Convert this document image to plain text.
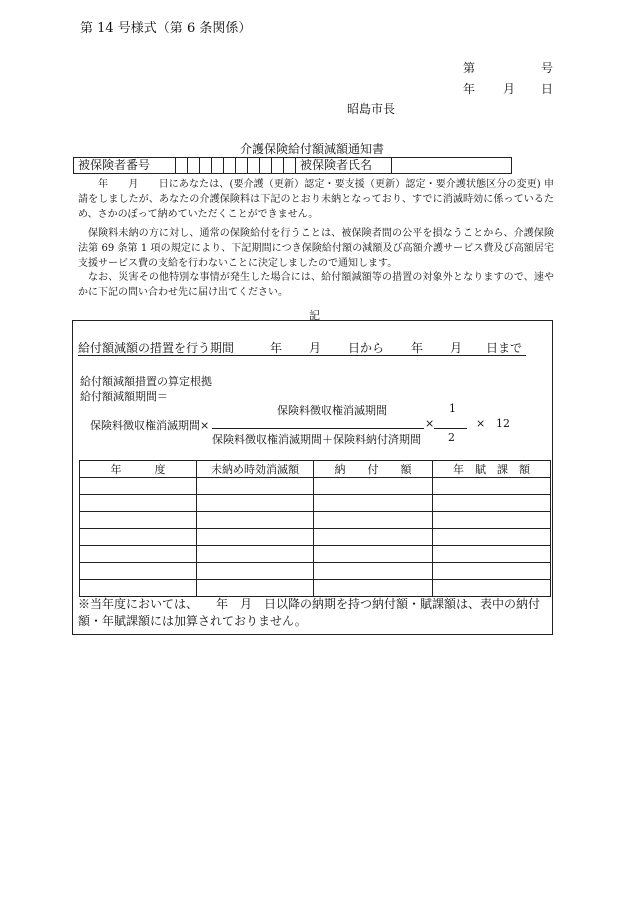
第 14 号様式（第 6 条関係）
第	号
年 月 日
昭島市長
介護保険給付額減額通知書
被保険者番号											被保険者氏名	
年　　月　　日にあなたは、(要介護（更新）認定・要支援（更新）認定・要介護状態区分の変更) 申請をしましたが、あなたの介護保険料は下記のとおり未納となっており、すでに消滅時効に係っているため、さかのぼって納めていただくことができません。
保険料未納の方に対し、通常の保険給付を行うことは、被保険者間の公平を損なうことから、介護保険法第 69 条第 1 項の規定により、下記期間につき保険給付額の減額及び高額介護サービス費及び高額居宅支援サービス費の支給を行わないことに決定しましたので通知します。
なお、災害その他特別な事情が発生した場合には、給付額減額等の措置の対象外となりますので、速やかに下記の問い合わせ先に届け出てください。
記
給付額減額の措置を行う期間	年 月 日から 年 月 日まで
給付額減額措置の算定根拠
給付額減額期間＝
保険料徴収権消滅期間
保険料徴収権消滅期間×
保険料徴収権消滅期間＋保険料納付済期間
×
1
2
× 12
年　　　度	未納め時効消滅額	納　　付　　額	年　賦　課　額

※当年度においては、　　年　月　日以降の納期を持つ納付額・賦課額は、表中の納付額・年賦課額には加算されておりません。
